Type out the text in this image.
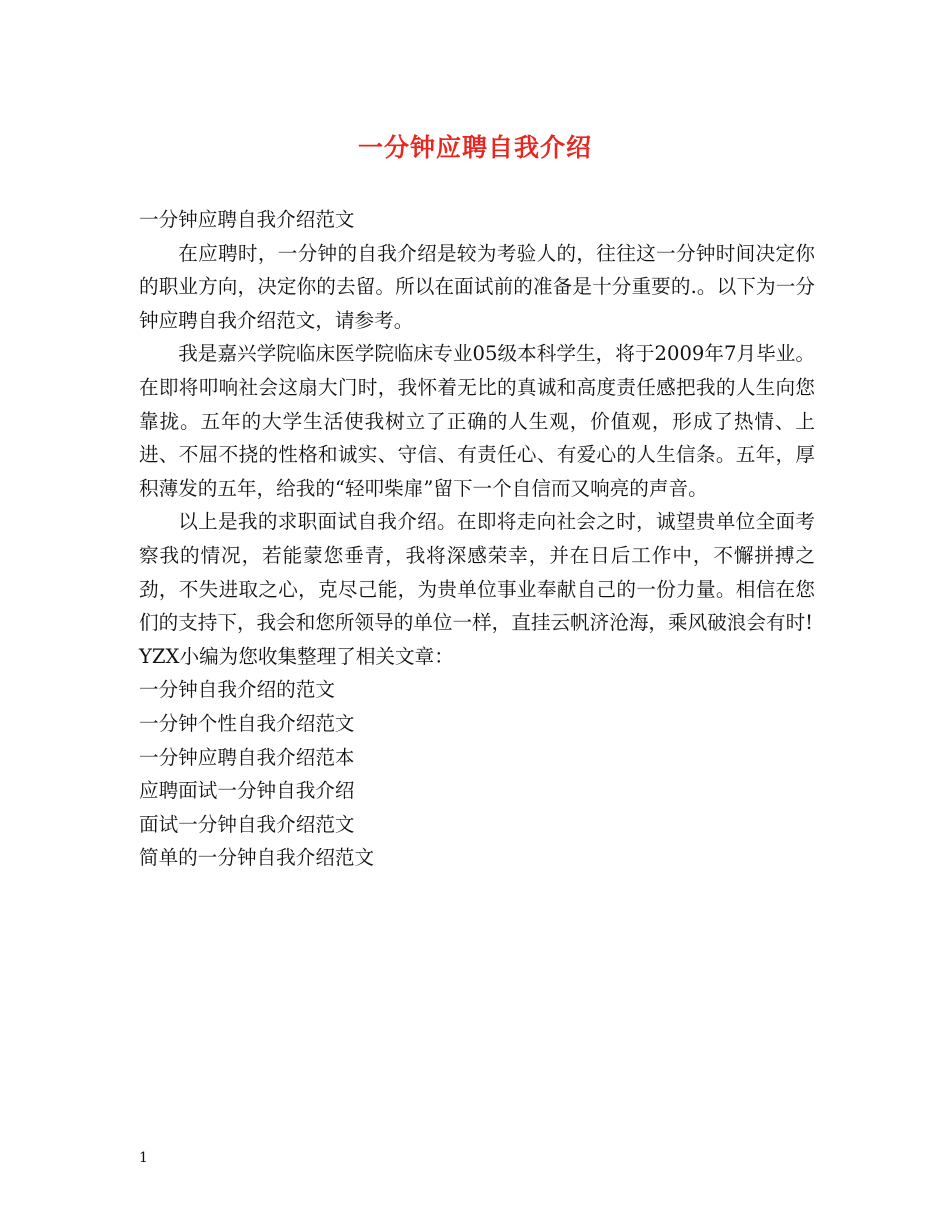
一分钟应聘自我介绍

一分钟应聘自我介绍范文

在应聘时，一分钟的自我介绍是较为考验人的，往往这一分钟时间决定你的职业方向，决定你的去留。所以在面试前的准备是十分重要的.。以下为一分钟应聘自我介绍范文，请参考。

我是嘉兴学院临床医学院临床专业05级本科学生，将于2009年7月毕业。在即将叩响社会这扇大门时，我怀着无比的真诚和高度责任感把我的人生向您靠拢。五年的大学生活使我树立了正确的人生观，价值观，形成了热情、上进、不屈不挠的性格和诚实、守信、有责任心、有爱心的人生信条。五年，厚积薄发的五年，给我的“轻叩柴扉”留下一个自信而又响亮的声音。

以上是我的求职面试自我介绍。在即将走向社会之时，诚望贵单位全面考察我的情况，若能蒙您垂青，我将深感荣幸，并在日后工作中，不懈拼搏之劲，不失进取之心，克尽己能，为贵单位事业奉献自己的一份力量。相信在您们的支持下，我会和您所领导的单位一样，直挂云帆济沧海，乘风破浪会有时!

YZX小编为您收集整理了相关文章：

一分钟自我介绍的范文
一分钟个性自我介绍范文
一分钟应聘自我介绍范本
应聘面试一分钟自我介绍
面试一分钟自我介绍范文
简单的一分钟自我介绍范文
1
